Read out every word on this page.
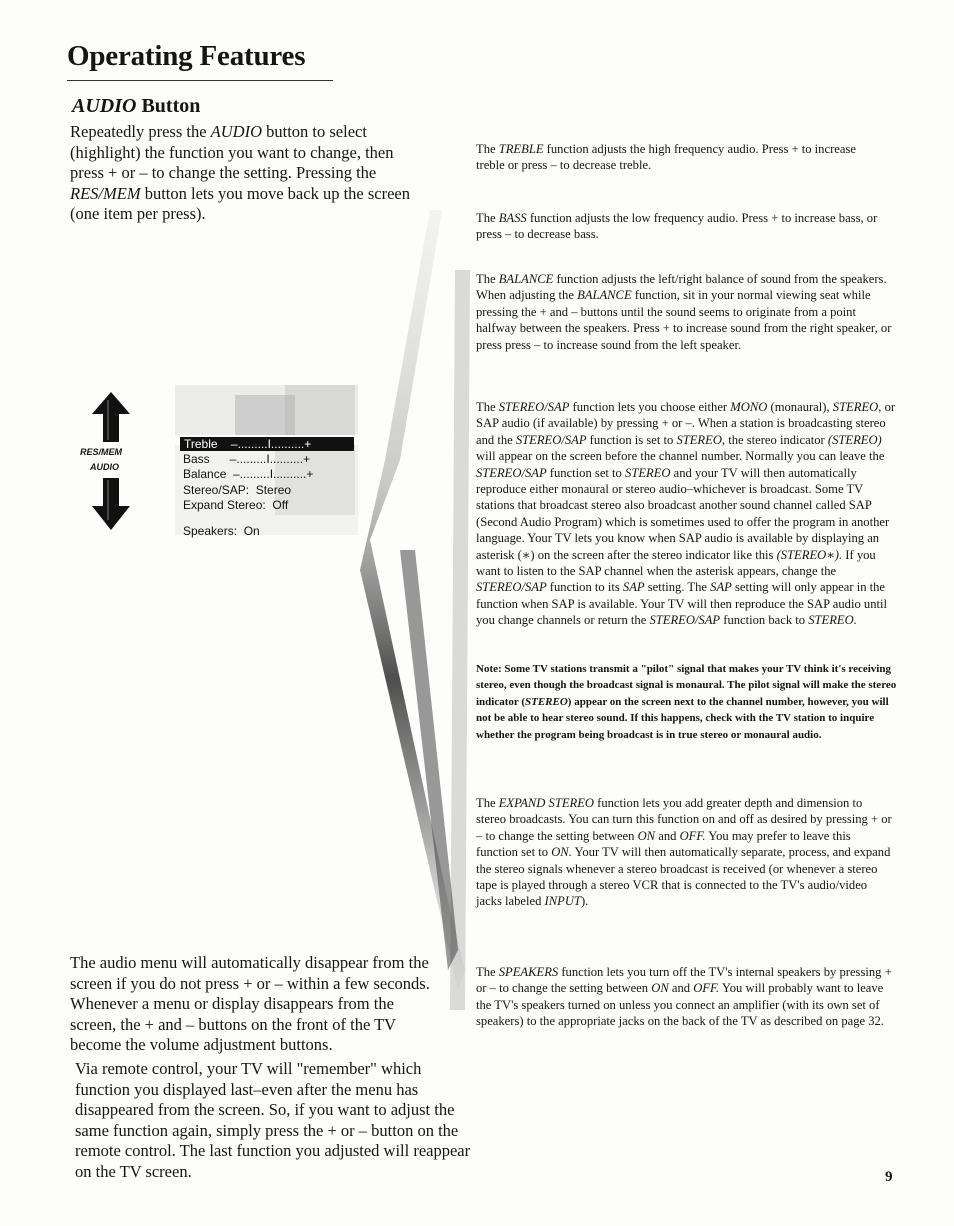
Operating Features
AUDIO Button

Repeatedly press the AUDIO button to select (highlight) the function you want to change, then press + or – to change the setting. Pressing the RES/MEM button lets you move back up the screen (one item per press).

RES/MEM
AUDIO
Treble    –.........I..........+
Bass      –.........I..........+
Balance  –.........I..........+
Stereo/SAP:  Stereo
Expand Stereo:  Off
Speakers:  On

The audio menu will automatically disappear from the screen if you do not press + or – within a few seconds. Whenever a menu or display disappears from the screen, the + and – buttons on the front of the TV become the volume adjustment buttons.

Via remote control, your TV will "remember" which function you displayed last–even after the menu has disappeared from the screen. So, if you want to adjust the same function again, simply press the + or – button on the remote control. The last function you adjusted will reappear on the TV screen.

The TREBLE function adjusts the high frequency audio. Press + to increase treble or press – to decrease treble.

The BASS function adjusts the low frequency audio. Press + to increase bass, or press – to decrease bass.

The BALANCE function adjusts the left/right balance of sound from the speakers. When adjusting the BALANCE function, sit in your normal viewing seat while pressing the + and – buttons until the sound seems to originate from a point halfway between the speakers. Press + to increase sound from the right speaker, or press press – to increase sound from the left speaker.

The STEREO/SAP function lets you choose either MONO (monaural), STEREO, or SAP audio (if available) by pressing + or –. When a station is broadcasting stereo and the STEREO/SAP function is set to STEREO, the stereo indicator (STEREO) will appear on the screen before the channel number. Normally you can leave the STEREO/SAP function set to STEREO and your TV will then automatically reproduce either monaural or stereo audio–whichever is broadcast. Some TV stations that broadcast stereo also broadcast another sound channel called SAP (Second Audio Program) which is sometimes used to offer the program in another language. Your TV lets you know when SAP audio is available by displaying an asterisk (∗) on the screen after the stereo indicator like this (STEREO∗). If you want to listen to the SAP channel when the asterisk appears, change the STEREO/SAP function to its SAP setting. The SAP setting will only appear in the function when SAP is available. Your TV will then reproduce the SAP audio until you change channels or return the STEREO/SAP function back to STEREO.

Note: Some TV stations transmit a "pilot" signal that makes your TV think it's receiving stereo, even though the broadcast signal is monaural. The pilot signal will make the stereo indicator (STEREO) appear on the screen next to the channel number, however, you will not be able to hear stereo sound. If this happens, check with the TV station to inquire whether the program being broadcast is in true stereo or monaural audio.

The EXPAND STEREO function lets you add greater depth and dimension to stereo broadcasts. You can turn this function on and off as desired by pressing + or – to change the setting between ON and OFF. You may prefer to leave this function set to ON. Your TV will then automatically separate, process, and expand the stereo signals whenever a stereo broadcast is received (or whenever a stereo tape is played through a stereo VCR that is connected to the TV's audio/video jacks labeled INPUT).

The SPEAKERS function lets you turn off the TV's internal speakers by pressing + or – to change the setting between ON and OFF. You will probably want to leave the TV's speakers turned on unless you connect an amplifier (with its own set of speakers) to the appropriate jacks on the back of the TV as described on page 32.

9
